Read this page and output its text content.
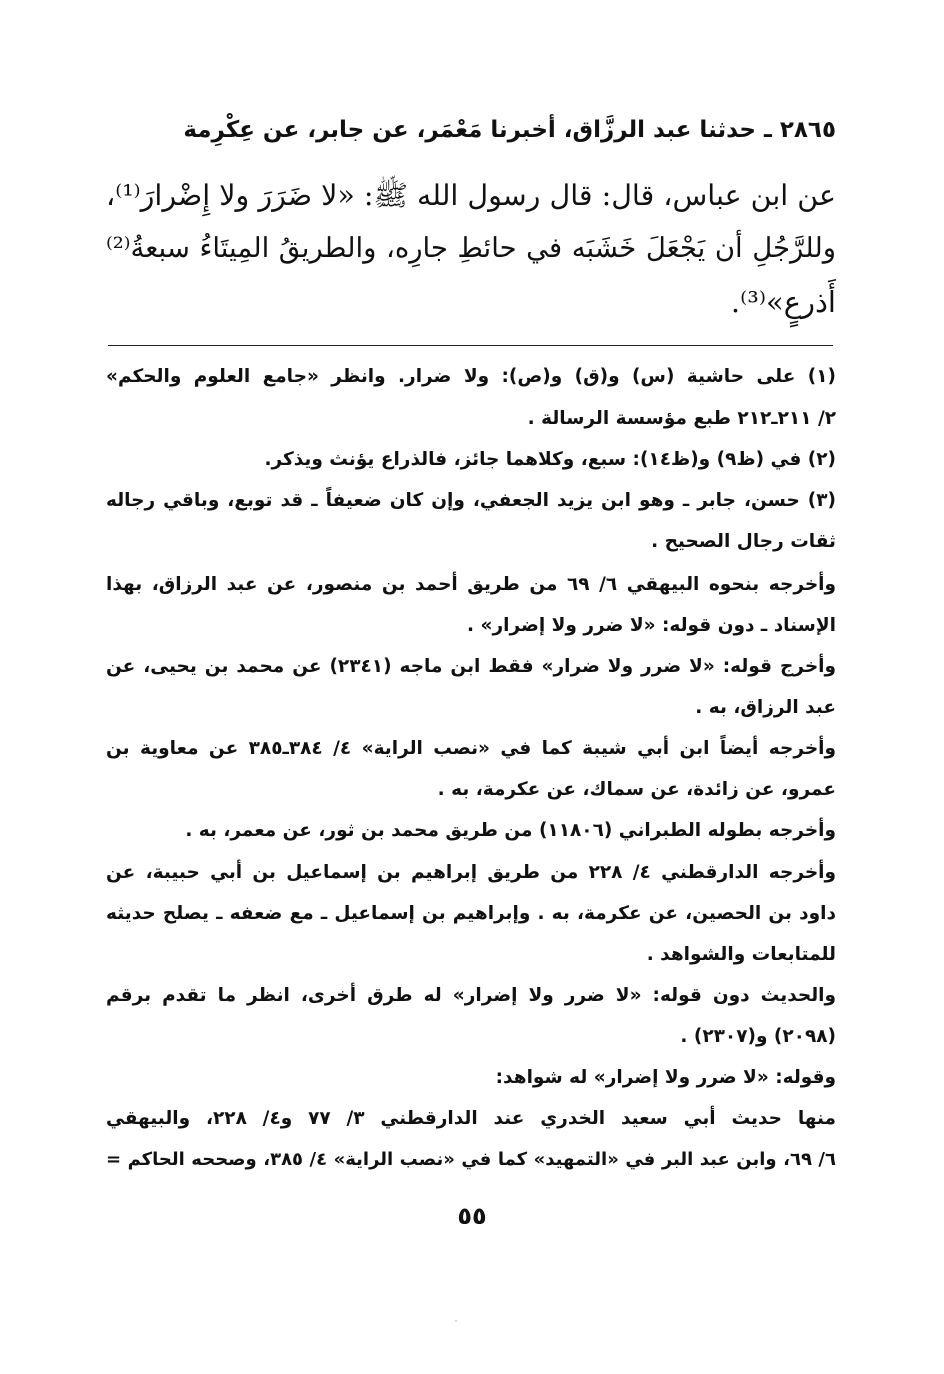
٢٨٦٥ ـ حدثنا عبد الرزَّاق، أخبرنا مَعْمَر، عن جابر، عن عِكْرِمة
عن ابن عباس، قال: قال رسول الله ﷺ: «لا ضَرَرَ ولا إِضْرارَ⁽¹⁾،
وللرَّجُلِ أن يَجْعَلَ خَشَبَه في حائطِ جارِه، والطريقُ المِيتَاءُ سبعةُ⁽²⁾
أَذرعٍ»⁽³⁾.
(١) على حاشية (س) و(ق) و(ص): ولا ضرار. وانظر «جامع العلوم والحكم»
٢/ ٢١١ـ٢١٢ طبع مؤسسة الرسالة .
(٢) في (ظ٩) و(ظ١٤): سبع، وكلاهما جائز، فالذراع يؤنث ويذكر.
(٣) حسن، جابر ـ وهو ابن يزيد الجعفي، وإن كان ضعيفاً ـ قد توبع، وباقي رجاله
ثقات رجال الصحيح .
وأخرجه بنحوه البيهقي ٦/ ٦٩ من طريق أحمد بن منصور، عن عبد الرزاق، بهذا
الإسناد ـ دون قوله: «لا ضرر ولا إضرار» .
وأخرج قوله: «لا ضرر ولا ضرار» فقط ابن ماجه (٢٣٤١) عن محمد بن يحيى، عن
عبد الرزاق، به .
وأخرجه أيضاً ابن أبي شيبة كما في «نصب الراية» ٤/ ٣٨٤ـ٣٨٥ عن معاوية بن
عمرو، عن زائدة، عن سماك، عن عكرمة، به .
وأخرجه بطوله الطبراني (١١٨٠٦) من طريق محمد بن ثور، عن معمر، به .
وأخرجه الدارقطني ٤/ ٢٢٨ من طريق إبراهيم بن إسماعيل بن أبي حبيبة، عن
داود بن الحصين، عن عكرمة، به . وإبراهيم بن إسماعيل ـ مع ضعفه ـ يصلح حديثه
للمتابعات والشواهد .
والحديث دون قوله: «لا ضرر ولا إضرار» له طرق أخرى، انظر ما تقدم برقم
(٢٠٩٨) و(٢٣٠٧) .
وقوله: «لا ضرر ولا إضرار» له شواهد:
منها حديث أبي سعيد الخدري عند الدارقطني ٣/ ٧٧ و٤/ ٢٢٨، والبيهقي
٦/ ٦٩، وابن عبد البر في «التمهيد» كما في «نصب الراية» ٤/ ٣٨٥، وصححه الحاكم =
٥٥
